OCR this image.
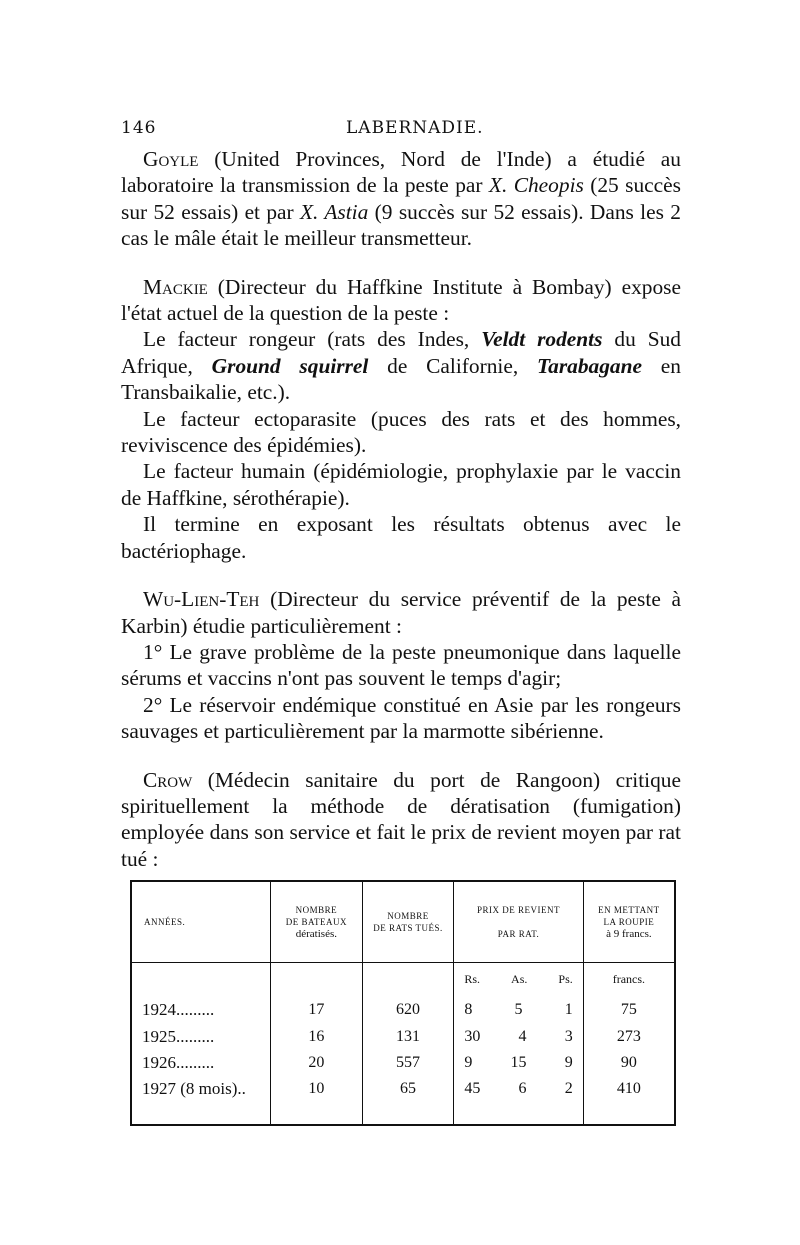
146	LABERNADIE.

Goyle (United Provinces, Nord de l'Inde) a étudié au laboratoire la transmission de la peste par X. Cheopis (25 succès sur 52 essais) et par X. Astia (9 succès sur 52 essais). Dans les 2 cas le mâle était le meilleur transmetteur.

Mackie (Directeur du Haffkine Institute à Bombay) expose l'état actuel de la question de la peste :

Le facteur rongeur (rats des Indes, Veldt rodents du Sud Afrique, Ground squirrel de Californie, Tarabagane en Transbaikalie, etc.).

Le facteur ectoparasite (puces des rats et des hommes, reviviscence des épidémies).

Le facteur humain (épidémiologie, prophylaxie par le vaccin de Haffkine, sérothérapie).

Il termine en exposant les résultats obtenus avec le bactériophage.

Wu-Lien-Teh (Directeur du service préventif de la peste à Karbin) étudie particulièrement :

1° Le grave problème de la peste pneumonique dans laquelle sérums et vaccins n'ont pas souvent le temps d'agir;

2° Le réservoir endémique constitué en Asie par les rongeurs sauvages et particulièrement par la marmotte sibérienne.

Crow (Médecin sanitaire du port de Rangoon) critique spirituellement la méthode de dératisation (fumigation) employée dans son service et fait le prix de revient moyen par rat tué :

ANNÉES.	NOMBRE
DE BATEAUX
dératisés.	NOMBRE
DE RATS TUÉS.	PRIX DE REVIENT

PAR RAT.	EN METTANT
LA ROUPIE
à 9 francs.

			Rs. As. Ps.	francs.
1924.........	17	620	8 5 1	75
1925.........	16	131	30 4 3	273
1926.........	20	557	9 15 9	90
1927 (8 mois)..	10	65	45 6 2	410
